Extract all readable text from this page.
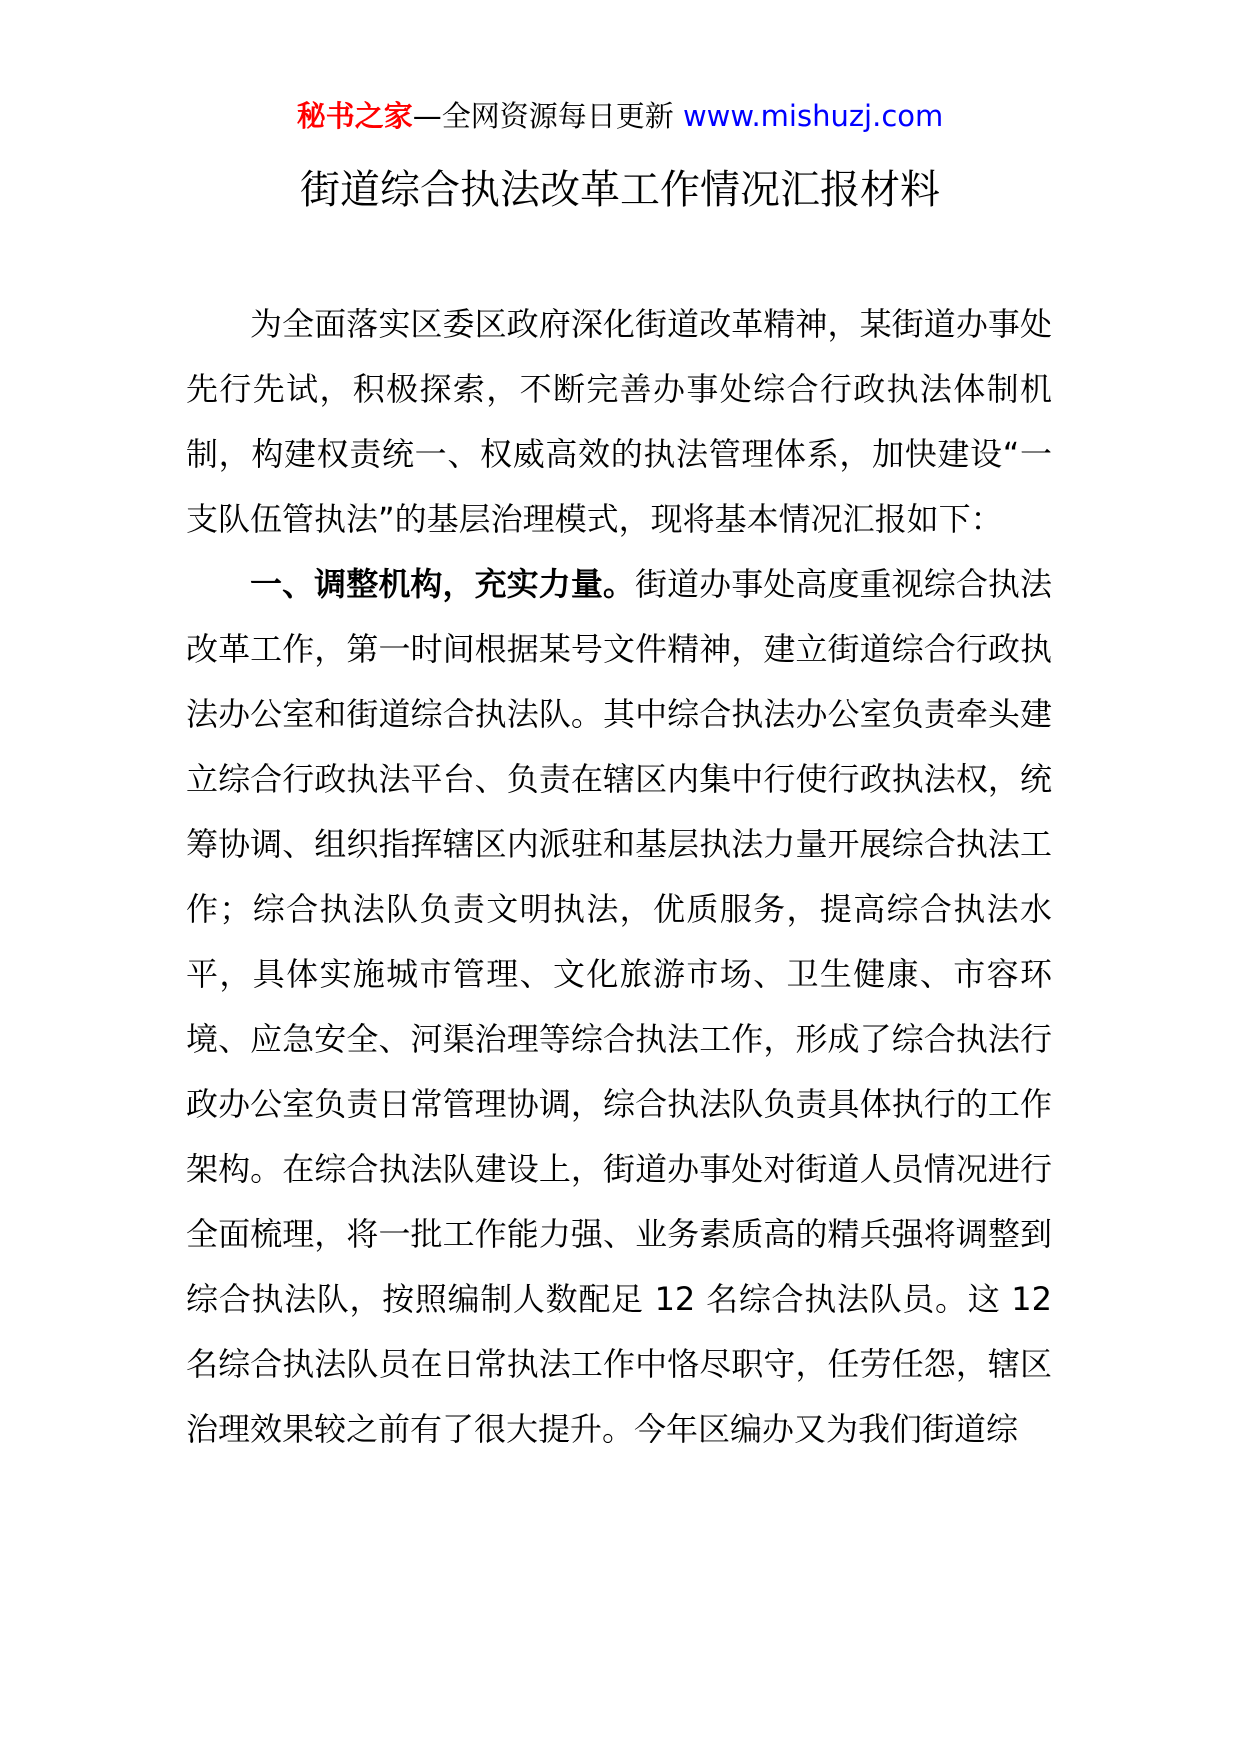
秘书之家—全网资源每日更新 www.mishuzj.com
街道综合执法改革工作情况汇报材料

为全面落实区委区政府深化街道改革精神，某街道办事处先行先试，积极探索，不断完善办事处综合行政执法体制机制，构建权责统一、权威高效的执法管理体系，加快建设“一支队伍管执法”的基层治理模式，现将基本情况汇报如下：

一、调整机构，充实力量。街道办事处高度重视综合执法改革工作，第一时间根据某号文件精神，建立街道综合行政执法办公室和街道综合执法队。其中综合执法办公室负责牵头建立综合行政执法平台、负责在辖区内集中行使行政执法权，统筹协调、组织指挥辖区内派驻和基层执法力量开展综合执法工作；综合执法队负责文明执法，优质服务，提高综合执法水平，具体实施城市管理、文化旅游市场、卫生健康、市容环境、应急安全、河渠治理等综合执法工作，形成了综合执法行政办公室负责日常管理协调，综合执法队负责具体执行的工作架构。在综合执法队建设上，街道办事处对街道人员情况进行全面梳理，将一批工作能力强、业务素质高的精兵强将调整到综合执法队，按照编制人数配足 12 名综合执法队员。这 12 名综合执法队员在日常执法工作中恪尽职守，任劳任怨，辖区治理效果较之前有了很大提升。今年区编办又为我们街道综
